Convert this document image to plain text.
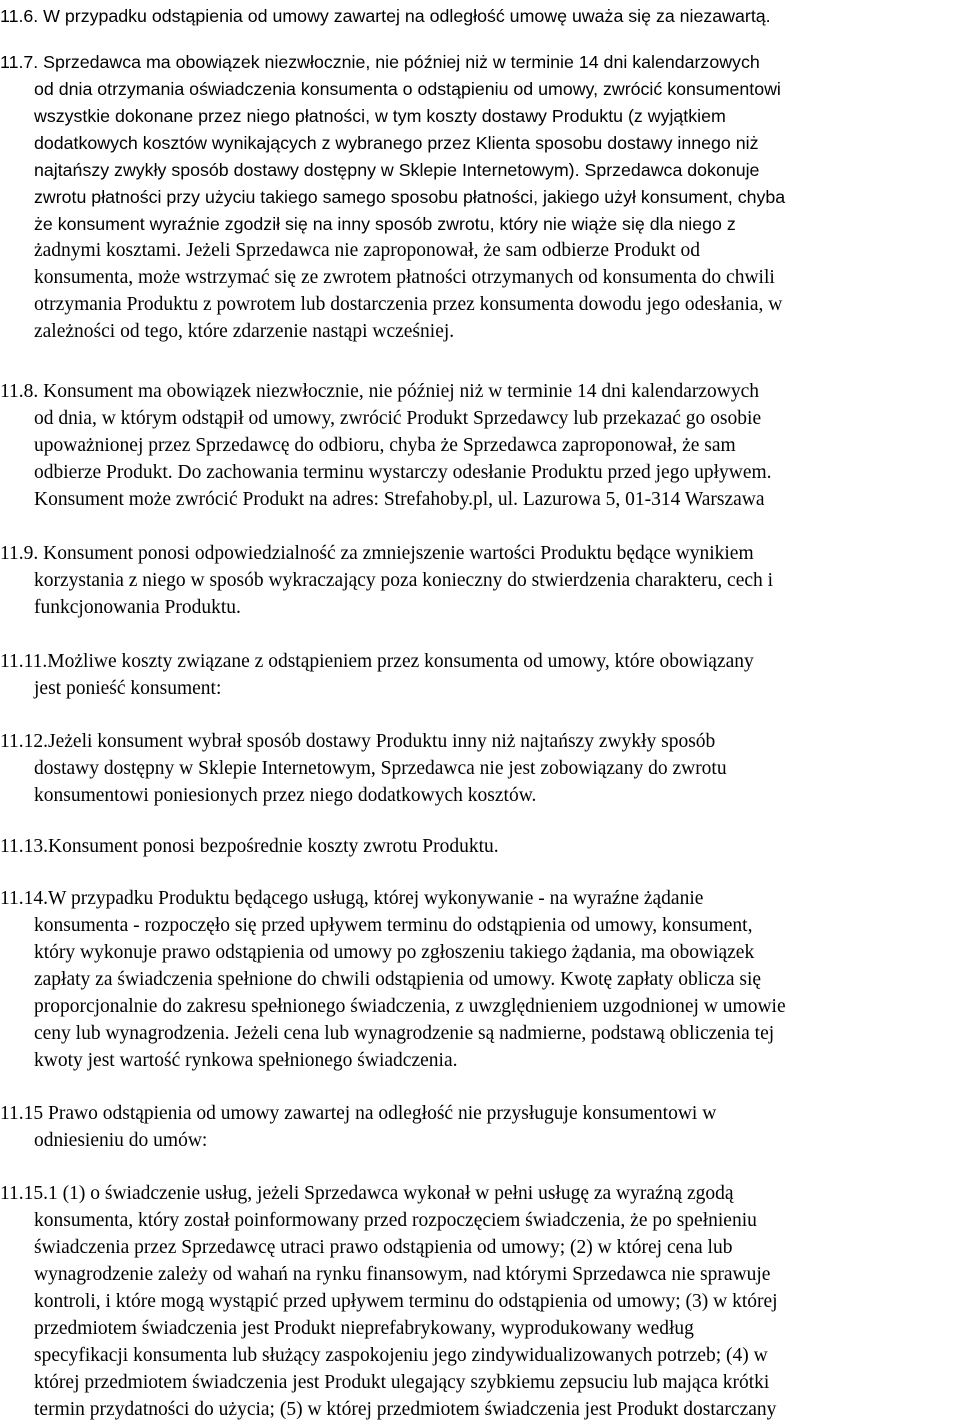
11.6. W przypadku odstąpienia od umowy zawartej na odległość umowę uważa się za niezawartą.
11.7. Sprzedawca ma obowiązek niezwłocznie, nie później niż w terminie 14 dni kalendarzowych
od dnia otrzymania oświadczenia konsumenta o odstąpieniu od umowy, zwrócić konsumentowi
wszystkie dokonane przez niego płatności, w tym koszty dostawy Produktu (z wyjątkiem
dodatkowych kosztów wynikających z wybranego przez Klienta sposobu dostawy innego niż
najtańszy zwykły sposób dostawy dostępny w Sklepie Internetowym). Sprzedawca dokonuje
zwrotu płatności przy użyciu takiego samego sposobu płatności, jakiego użył konsument, chyba
że konsument wyraźnie zgodził się na inny sposób zwrotu, który nie wiąże się dla niego z
żadnymi kosztami. Jeżeli Sprzedawca nie zaproponował, że sam odbierze Produkt od
konsumenta, może wstrzymać się ze zwrotem płatności otrzymanych od konsumenta do chwili
otrzymania Produktu z powrotem lub dostarczenia przez konsumenta dowodu jego odesłania, w
zależności od tego, które zdarzenie nastąpi wcześniej.
11.8. Konsument ma obowiązek niezwłocznie, nie później niż w terminie 14 dni kalendarzowych
od dnia, w którym odstąpił od umowy, zwrócić Produkt Sprzedawcy lub przekazać go osobie
upoważnionej przez Sprzedawcę do odbioru, chyba że Sprzedawca zaproponował, że sam
odbierze Produkt. Do zachowania terminu wystarczy odesłanie Produktu przed jego upływem.
Konsument może zwrócić Produkt na adres: Strefahoby.pl, ul. Lazurowa 5, 01-314 Warszawa
11.9. Konsument ponosi odpowiedzialność za zmniejszenie wartości Produktu będące wynikiem
korzystania z niego w sposób wykraczający poza konieczny do stwierdzenia charakteru, cech i
funkcjonowania Produktu.
11.11.Możliwe koszty związane z odstąpieniem przez konsumenta od umowy, które obowiązany
jest ponieść konsument:
11.12.Jeżeli konsument wybrał sposób dostawy Produktu inny niż najtańszy zwykły sposób
dostawy dostępny w Sklepie Internetowym, Sprzedawca nie jest zobowiązany do zwrotu
konsumentowi poniesionych przez niego dodatkowych kosztów.
11.13.Konsument ponosi bezpośrednie koszty zwrotu Produktu.
11.14.W przypadku Produktu będącego usługą, której wykonywanie - na wyraźne żądanie
konsumenta - rozpoczęło się przed upływem terminu do odstąpienia od umowy, konsument,
który wykonuje prawo odstąpienia od umowy po zgłoszeniu takiego żądania, ma obowiązek
zapłaty za świadczenia spełnione do chwili odstąpienia od umowy. Kwotę zapłaty oblicza się
proporcjonalnie do zakresu spełnionego świadczenia, z uwzględnieniem uzgodnionej w umowie
ceny lub wynagrodzenia. Jeżeli cena lub wynagrodzenie są nadmierne, podstawą obliczenia tej
kwoty jest wartość rynkowa spełnionego świadczenia.
11.15 Prawo odstąpienia od umowy zawartej na odległość nie przysługuje konsumentowi w
odniesieniu do umów:
11.15.1 (1) o świadczenie usług, jeżeli Sprzedawca wykonał w pełni usługę za wyraźną zgodą
konsumenta, który został poinformowany przed rozpoczęciem świadczenia, że po spełnieniu
świadczenia przez Sprzedawcę utraci prawo odstąpienia od umowy; (2) w której cena lub
wynagrodzenie zależy od wahań na rynku finansowym, nad którymi Sprzedawca nie sprawuje
kontroli, i które mogą wystąpić przed upływem terminu do odstąpienia od umowy; (3) w której
przedmiotem świadczenia jest Produkt nieprefabrykowany, wyprodukowany według
specyfikacji konsumenta lub służący zaspokojeniu jego zindywidualizowanych potrzeb; (4) w
której przedmiotem świadczenia jest Produkt ulegający szybkiemu zepsuciu lub mająca krótki
termin przydatności do użycia; (5) w której przedmiotem świadczenia jest Produkt dostarczany
